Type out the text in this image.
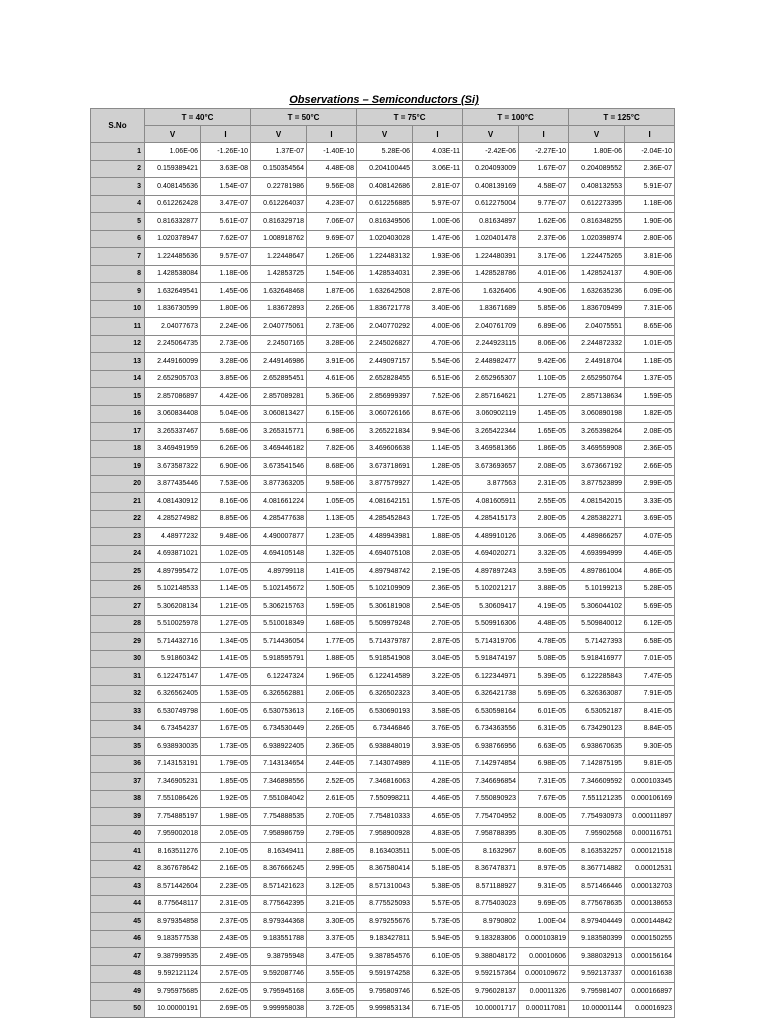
Observations – Semiconductors (Si)
S.No	T = 40°C		T = 50°C		T = 75°C		T = 100°C		T = 125°C	
	V	I	V	I	V	I	V	I	V	I
1	1.06E-06	-1.26E-10	1.37E-07	-1.40E-10	5.28E-06	4.03E-11	-2.42E-06	-2.27E-10	1.80E-06	-2.04E-10
2	0.159389421	3.63E-08	0.150354564	4.48E-08	0.204100445	3.06E-11	0.204093009	1.67E-07	0.204089552	2.36E-07
3	0.408145636	1.54E-07	0.22781986	9.56E-08	0.408142686	2.81E-07	0.408139169	4.58E-07	0.408132553	5.91E-07
4	0.612262428	3.47E-07	0.612264037	4.23E-07	0.612256885	5.97E-07	0.612275004	9.77E-07	0.612273395	1.18E-06
5	0.816332877	5.61E-07	0.816329718	7.06E-07	0.816349506	1.00E-06	0.81634897	1.62E-06	0.816348255	1.90E-06
6	1.020378947	7.62E-07	1.008918762	9.69E-07	1.020403028	1.47E-06	1.020401478	2.37E-06	1.020398974	2.80E-06
7	1.224485636	9.57E-07	1.22448647	1.26E-06	1.224483132	1.93E-06	1.224480391	3.17E-06	1.224475265	3.81E-06
8	1.428538084	1.18E-06	1.42853725	1.54E-06	1.428534031	2.39E-06	1.428528786	4.01E-06	1.428524137	4.90E-06
9	1.632649541	1.45E-06	1.632648468	1.87E-06	1.632642508	2.87E-06	1.6326406	4.90E-06	1.632635236	6.09E-06
10	1.836730599	1.80E-06	1.83672893	2.26E-06	1.836721778	3.40E-06	1.83671689	5.85E-06	1.836709499	7.31E-06
11	2.04077673	2.24E-06	2.040775061	2.73E-06	2.040770292	4.00E-06	2.040761709	6.89E-06	2.04075551	8.65E-06
12	2.245064735	2.73E-06	2.24507165	3.28E-06	2.245026827	4.70E-06	2.244923115	8.06E-06	2.244872332	1.01E-05
13	2.449160099	3.28E-06	2.449146986	3.91E-06	2.449097157	5.54E-06	2.448982477	9.42E-06	2.44918704	1.18E-05
14	2.652905703	3.85E-06	2.652895451	4.61E-06	2.652828455	6.51E-06	2.652965307	1.10E-05	2.652950764	1.37E-05
15	2.857086897	4.42E-06	2.857089281	5.36E-06	2.856999397	7.52E-06	2.857164621	1.27E-05	2.857138634	1.59E-05
16	3.060834408	5.04E-06	3.060813427	6.15E-06	3.060726166	8.67E-06	3.060902119	1.45E-05	3.060890198	1.82E-05
17	3.265337467	5.68E-06	3.265315771	6.98E-06	3.265221834	9.94E-06	3.265422344	1.65E-05	3.265398264	2.08E-05
18	3.469491959	6.26E-06	3.469446182	7.82E-06	3.469606638	1.14E-05	3.469581366	1.86E-05	3.469559908	2.36E-05
19	3.673587322	6.90E-06	3.673541546	8.68E-06	3.673718691	1.28E-05	3.673693657	2.08E-05	3.673667192	2.66E-05
20	3.877435446	7.53E-06	3.877363205	9.58E-06	3.877579927	1.42E-05	3.877563	2.31E-05	3.877523899	2.99E-05
21	4.081430912	8.16E-06	4.081661224	1.05E-05	4.081642151	1.57E-05	4.081605911	2.55E-05	4.081542015	3.33E-05
22	4.285274982	8.85E-06	4.285477638	1.13E-05	4.285452843	1.72E-05	4.285415173	2.80E-05	4.285382271	3.69E-05
23	4.48977232	9.48E-06	4.490007877	1.23E-05	4.489943981	1.88E-05	4.489910126	3.06E-05	4.489866257	4.07E-05
24	4.693871021	1.02E-05	4.694105148	1.32E-05	4.694075108	2.03E-05	4.694020271	3.32E-05	4.693994999	4.46E-05
25	4.897995472	1.07E-05	4.89799118	1.41E-05	4.897948742	2.19E-05	4.897897243	3.59E-05	4.897861004	4.86E-05
26	5.102148533	1.14E-05	5.102145672	1.50E-05	5.102109909	2.36E-05	5.102021217	3.88E-05	5.10199213	5.28E-05
27	5.306208134	1.21E-05	5.306215763	1.59E-05	5.306181908	2.54E-05	5.30609417	4.19E-05	5.306044102	5.69E-05
28	5.510025978	1.27E-05	5.510018349	1.68E-05	5.509979248	2.70E-05	5.509916306	4.48E-05	5.509840012	6.12E-05
29	5.714432716	1.34E-05	5.714436054	1.77E-05	5.714379787	2.87E-05	5.714319706	4.78E-05	5.71427393	6.58E-05
30	5.91860342	1.41E-05	5.918595791	1.88E-05	5.918541908	3.04E-05	5.918474197	5.08E-05	5.918416977	7.01E-05
31	6.122475147	1.47E-05	6.12247324	1.96E-05	6.122414589	3.22E-05	6.122344971	5.39E-05	6.122285843	7.47E-05
32	6.326562405	1.53E-05	6.326562881	2.06E-05	6.326502323	3.40E-05	6.326421738	5.69E-05	6.326363087	7.91E-05
33	6.530749798	1.60E-05	6.530753613	2.16E-05	6.530690193	3.58E-05	6.530598164	6.01E-05	6.53052187	8.41E-05
34	6.73454237	1.67E-05	6.734530449	2.26E-05	6.73446846	3.76E-05	6.734363556	6.31E-05	6.734290123	8.84E-05
35	6.938930035	1.73E-05	6.938922405	2.36E-05	6.938848019	3.93E-05	6.938766956	6.63E-05	6.938670635	9.30E-05
36	7.143153191	1.79E-05	7.143134654	2.44E-05	7.143074989	4.11E-05	7.142974854	6.98E-05	7.142875195	9.81E-05
37	7.346905231	1.85E-05	7.346898556	2.52E-05	7.346816063	4.28E-05	7.346696854	7.31E-05	7.346609592	0.000103345
38	7.551086426	1.92E-05	7.551084042	2.61E-05	7.550998211	4.46E-05	7.550890923	7.67E-05	7.551121235	0.000106169
39	7.754885197	1.98E-05	7.754888535	2.70E-05	7.754810333	4.65E-05	7.754704952	8.00E-05	7.754930973	0.000111897
40	7.959002018	2.05E-05	7.958986759	2.79E-05	7.958900928	4.83E-05	7.958788395	8.30E-05	7.95902568	0.000116751
41	8.163511276	2.10E-05	8.16349411	2.88E-05	8.163403511	5.00E-05	8.1632967	8.60E-05	8.163532257	0.000121518
42	8.367678642	2.16E-05	8.367666245	2.99E-05	8.367580414	5.18E-05	8.367478371	8.97E-05	8.367714882	0.00012531
43	8.571442604	2.23E-05	8.571421623	3.12E-05	8.571310043	5.38E-05	8.571188927	9.31E-05	8.571466446	0.000132703
44	8.775648117	2.31E-05	8.775642395	3.21E-05	8.775525093	5.57E-05	8.775403023	9.69E-05	8.775678635	0.000138653
45	8.979354858	2.37E-05	8.979344368	3.30E-05	8.979255676	5.73E-05	8.9790802	1.00E-04	8.979404449	0.000144842
46	9.183577538	2.43E-05	9.183551788	3.37E-05	9.183427811	5.94E-05	9.183283806	0.000103819	9.183580399	0.000150255
47	9.387999535	2.49E-05	9.38795948	3.47E-05	9.387854576	6.10E-05	9.388048172	0.00010606	9.388032913	0.000156164
48	9.592121124	2.57E-05	9.592087746	3.55E-05	9.591974258	6.32E-05	9.592157364	0.000109672	9.592137337	0.000161638
49	9.795975685	2.62E-05	9.795945168	3.65E-05	9.795809746	6.52E-05	9.796028137	0.00011326	9.795981407	0.000166897
50	10.00000191	2.69E-05	9.999958038	3.72E-05	9.999853134	6.71E-05	10.00001717	0.000117081	10.00001144	0.00016923
